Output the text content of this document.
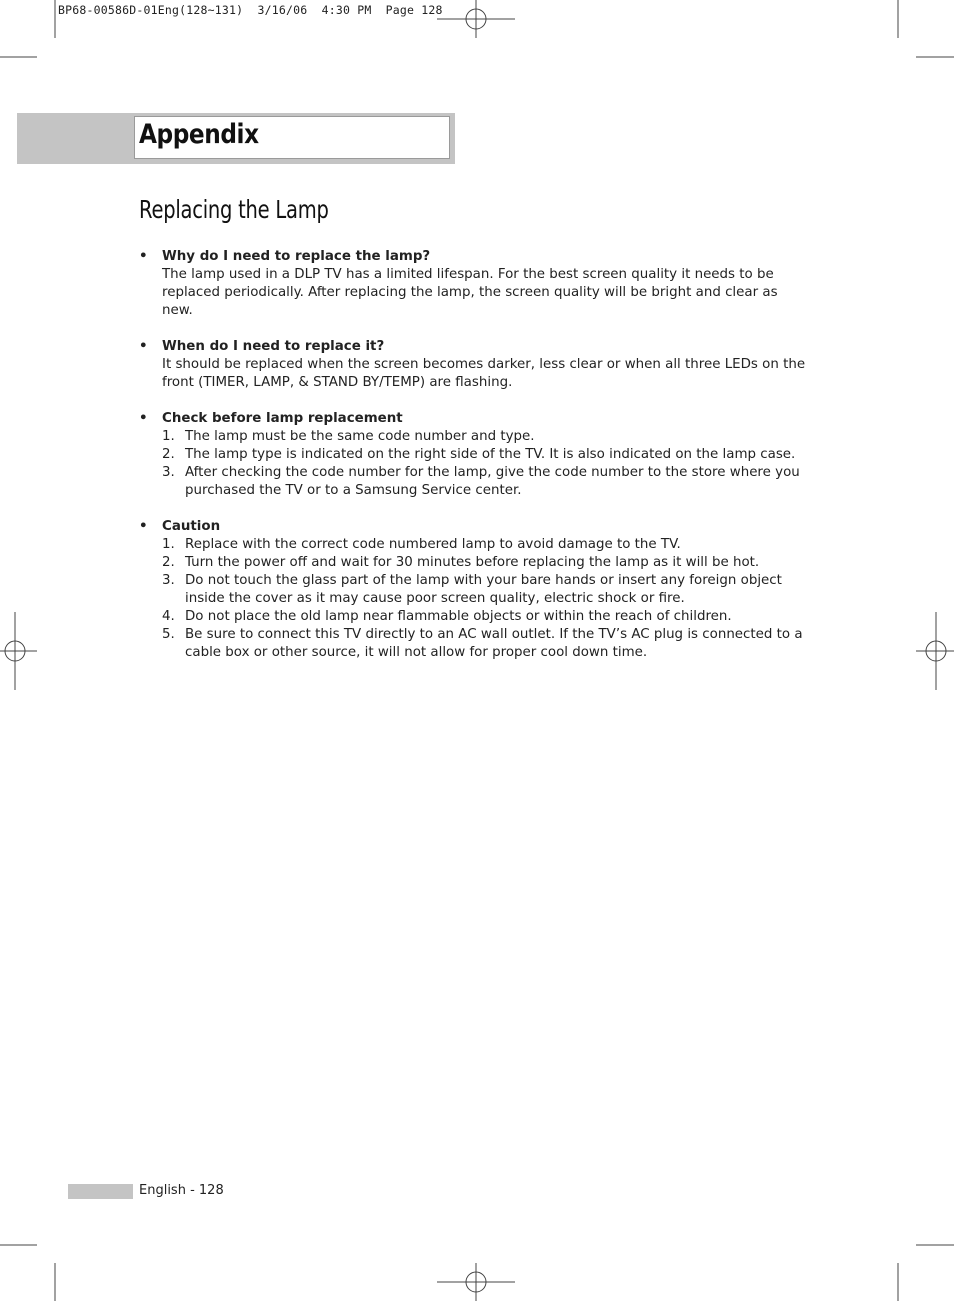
BP68-00586D-01Eng(128~131)  3/16/06  4:30 PM  Page 128
Appendix
Replacing the Lamp
•	Why do I need to replace the lamp?
The lamp used in a DLP TV has a limited lifespan. For the best screen quality it needs to be replaced periodically. After replacing the lamp, the screen quality will be bright and clear as new.
•	When do I need to replace it?
It should be replaced when the screen becomes darker, less clear or when all three LEDs on the front (TIMER, LAMP, & STAND BY/TEMP) are flashing.
•	Check before lamp replacement
1. The lamp must be the same code number and type.
2. The lamp type is indicated on the right side of the TV. It is also indicated on the lamp case.
3. After checking the code number for the lamp, give the code number to the store where you purchased the TV or to a Samsung Service center.
•	Caution
1. Replace with the correct code numbered lamp to avoid damage to the TV.
2. Turn the power off and wait for 30 minutes before replacing the lamp as it will be hot.
3. Do not touch the glass part of the lamp with your bare hands or insert any foreign object inside the cover as it may cause poor screen quality, electric shock or fire.
4. Do not place the old lamp near flammable objects or within the reach of children.
5. Be sure to connect this TV directly to an AC wall outlet. If the TV’s AC plug is connected to a cable box or other source, it will not allow for proper cool down time.
English - 128
